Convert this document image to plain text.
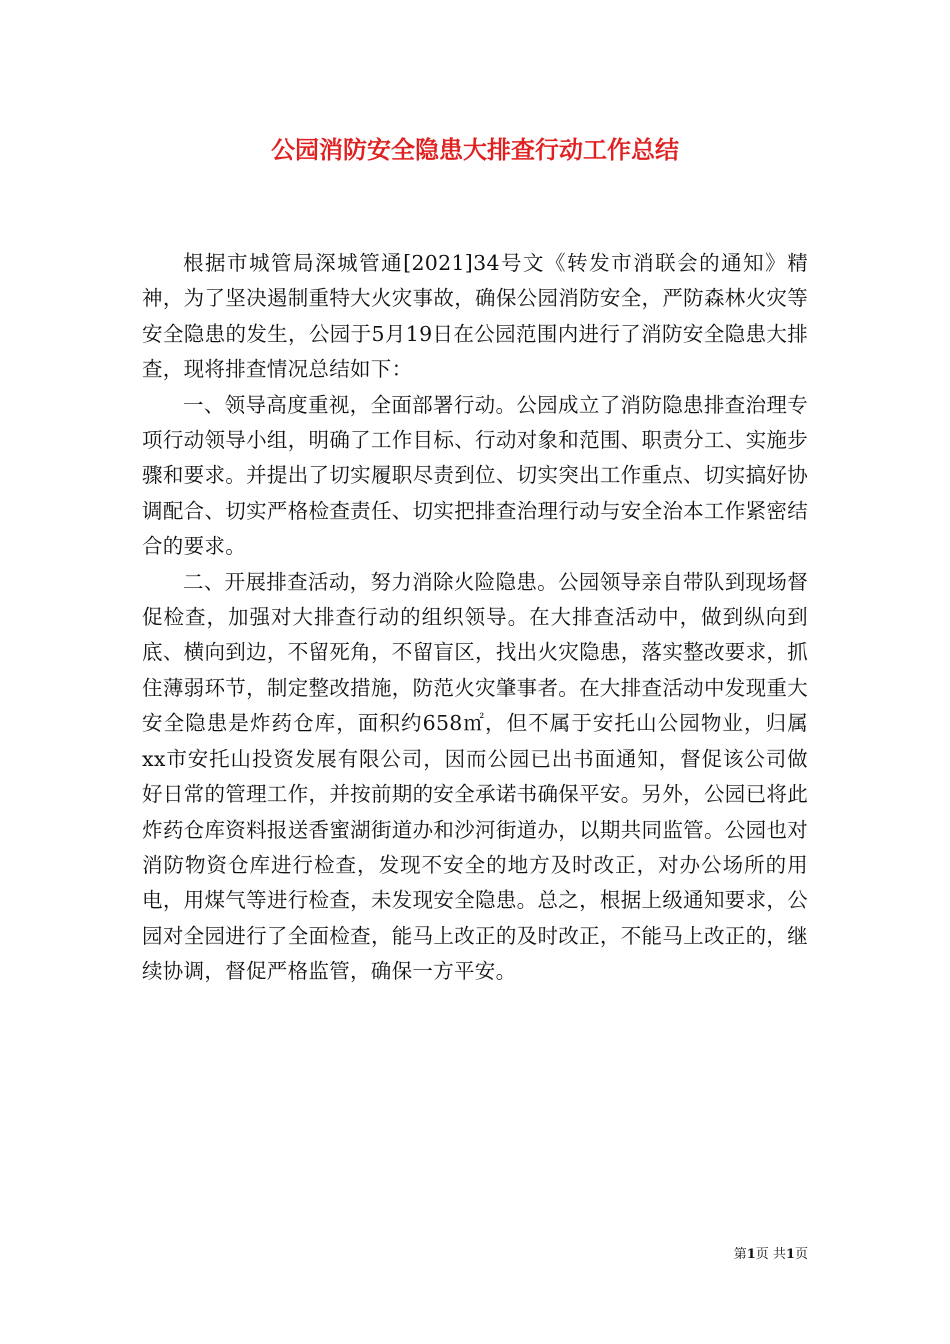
公园消防安全隐患大排查行动工作总结

根据市城管局深城管通[2021]34号文《转发市消联会的通知》精神，为了坚决遏制重特大火灾事故，确保公园消防安全，严防森林火灾等安全隐患的发生，公园于5月19日在公园范围内进行了消防安全隐患大排查，现将排查情况总结如下：

一、领导高度重视，全面部署行动。公园成立了消防隐患排查治理专项行动领导小组，明确了工作目标、行动对象和范围、职责分工、实施步骤和要求。并提出了切实履职尽责到位、切实突出工作重点、切实搞好协调配合、切实严格检查责任、切实把排查治理行动与安全治本工作紧密结合的要求。

二、开展排查活动，努力消除火险隐患。公园领导亲自带队到现场督促检查，加强对大排查行动的组织领导。在大排查活动中，做到纵向到底、横向到边，不留死角，不留盲区，找出火灾隐患，落实整改要求，抓住薄弱环节，制定整改措施，防范火灾肇事者。在大排查活动中发现重大安全隐患是炸药仓库，面积约658㎡，但不属于安托山公园物业，归属xx市安托山投资发展有限公司，因而公园已出书面通知，督促该公司做好日常的管理工作，并按前期的安全承诺书确保平安。另外，公园已将此炸药仓库资料报送香蜜湖街道办和沙河街道办，以期共同监管。公园也对消防物资仓库进行检查，发现不安全的地方及时改正，对办公场所的用电，用煤气等进行检查，未发现安全隐患。总之，根据上级通知要求，公园对全园进行了全面检查，能马上改正的及时改正，不能马上改正的，继续协调，督促严格监管，确保一方平安。

第1页 共1页
